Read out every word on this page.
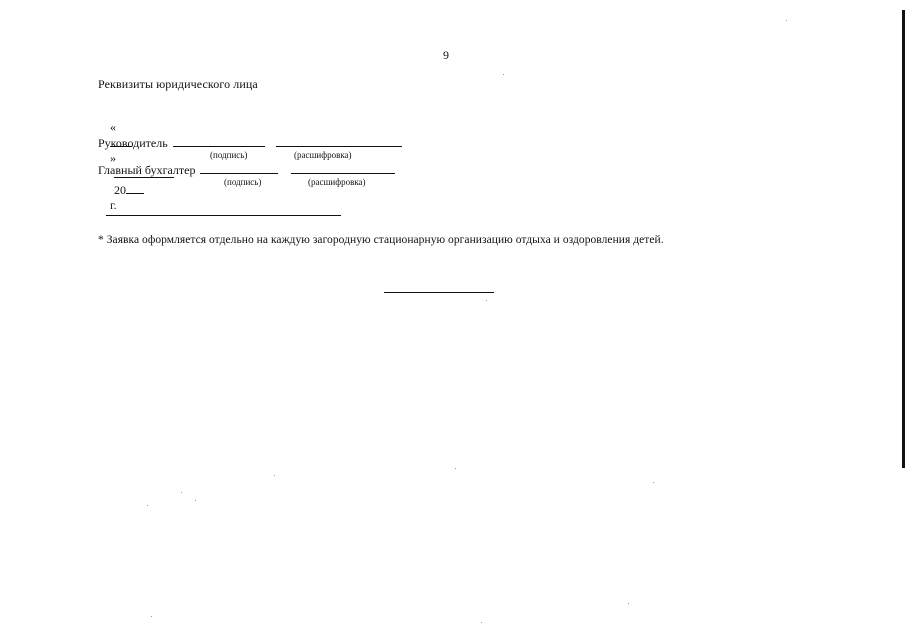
9
Реквизиты юридического лица

«

»

20
г.

Руководитель
(подпись)	(расшифровка)
Главный бухгалтер
(подпись)	(расшифровка)
* Заявка оформляется отдельно на каждую загородную стационарную организацию отдыха и оздоровления детей.
